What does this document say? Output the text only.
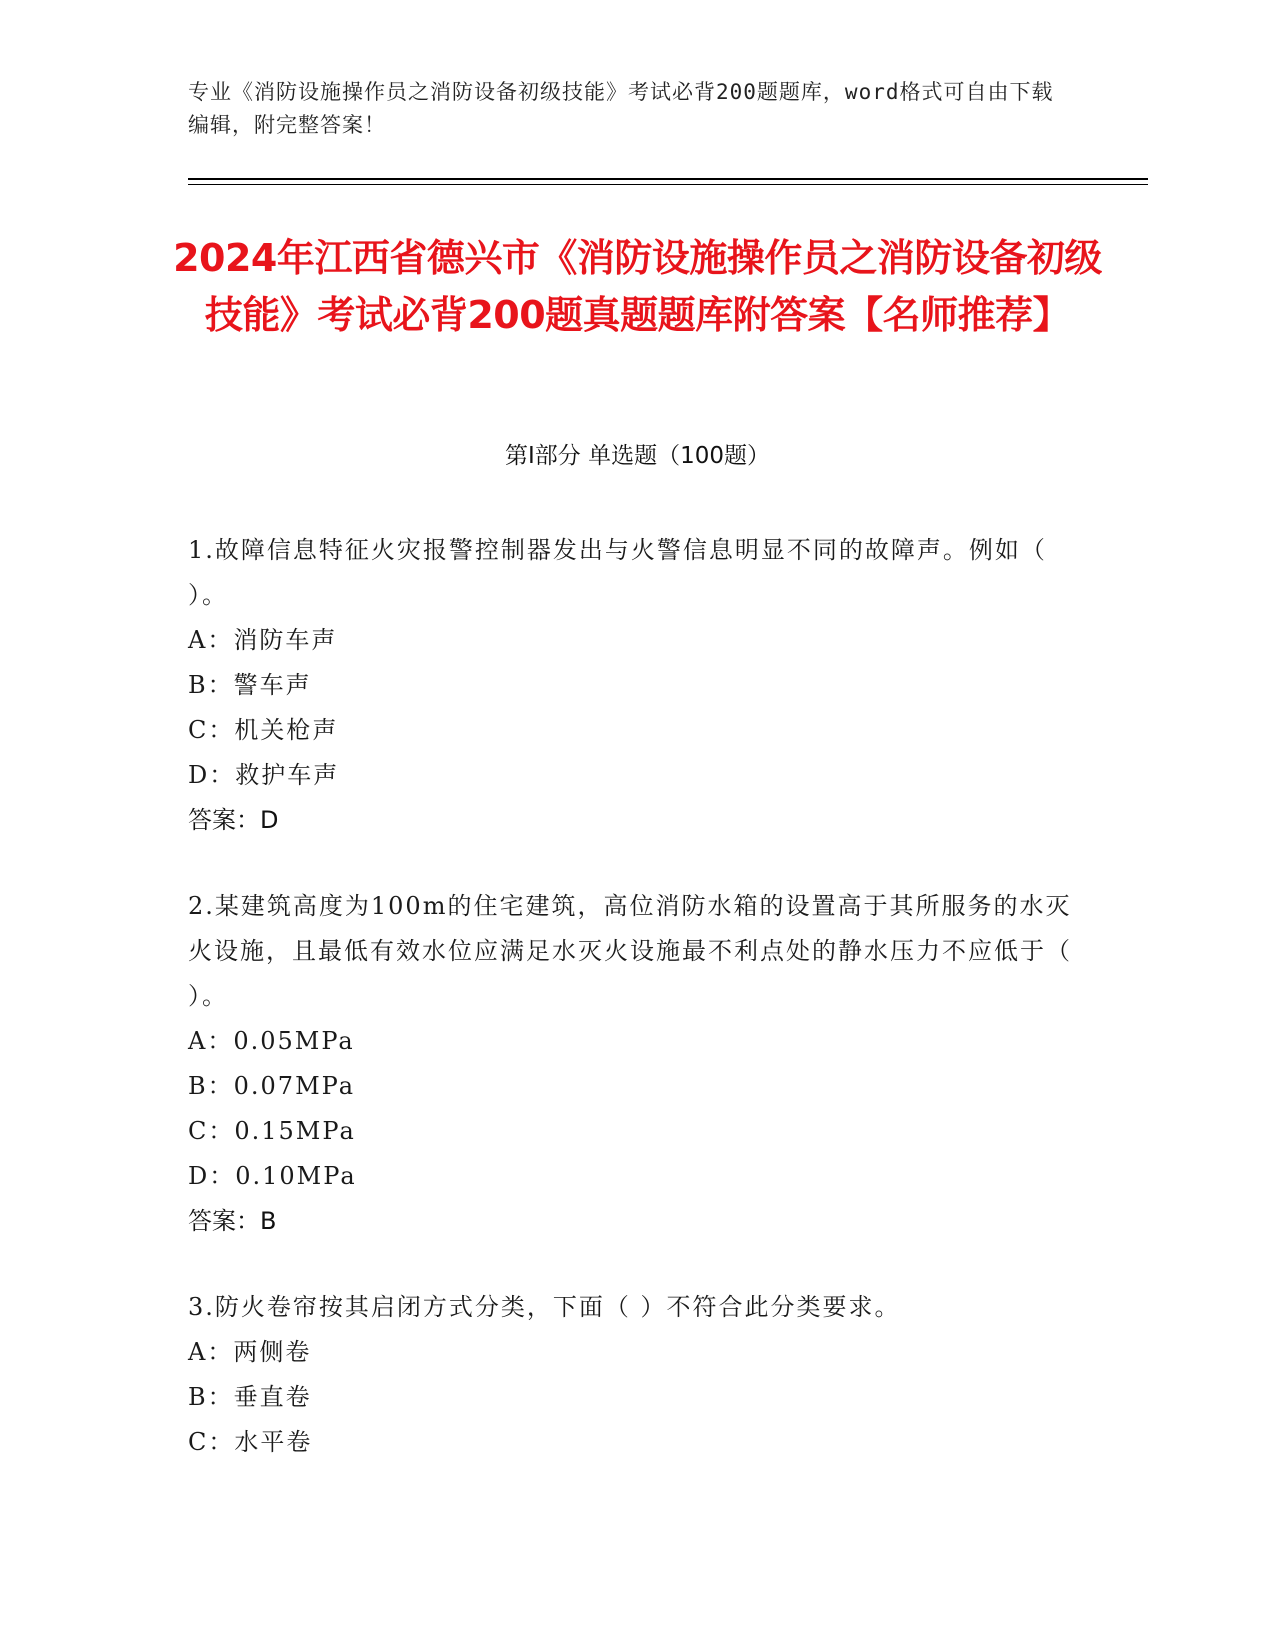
专业《消防设施操作员之消防设备初级技能》考试必背200题题库，word格式可自由下载编辑，附完整答案！
2024年江西省德兴市《消防设施操作员之消防设备初级技能》考试必背200题真题题库附答案【名师推荐】
第Ⅰ部分 单选题（100题）
1.故障信息特征火灾报警控制器发出与火警信息明显不同的故障声。例如（ ）。
A：消防车声
B：警车声
C：机关枪声
D：救护车声
答案：D
2.某建筑高度为100m的住宅建筑，高位消防水箱的设置高于其所服务的水灭火设施，且最低有效水位应满足水灭火设施最不利点处的静水压力不应低于（ ）。
A：0.05MPa
B：0.07MPa
C：0.15MPa
D：0.10MPa
答案：B
3.防火卷帘按其启闭方式分类，下面（ ）不符合此分类要求。
A：两侧卷
B：垂直卷
C：水平卷
